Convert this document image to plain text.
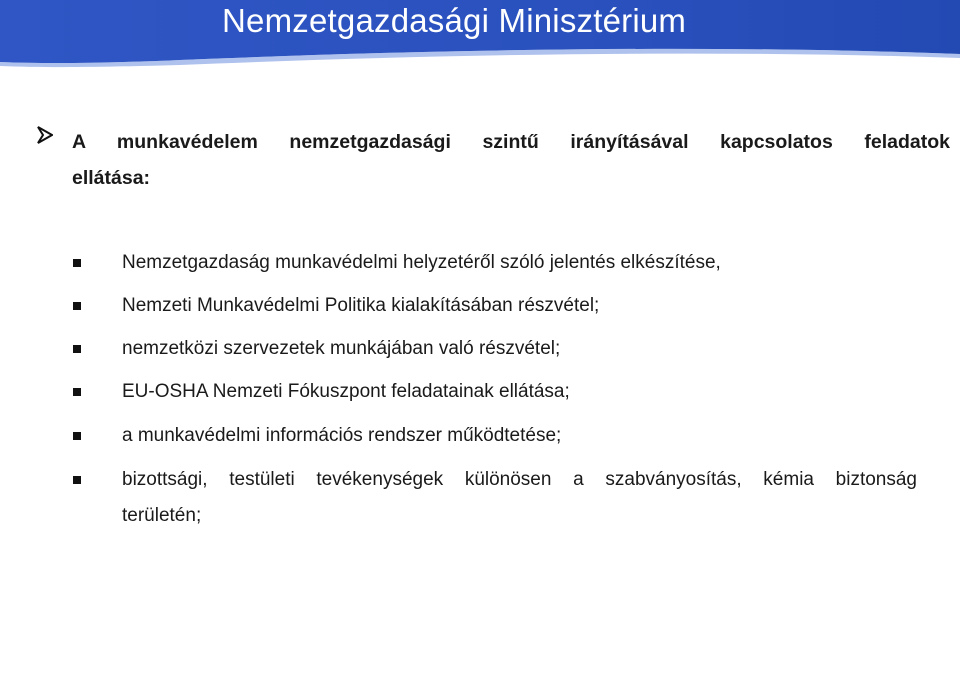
Nemzetgazdasági Minisztérium
A munkavédelem nemzetgazdasági szintű irányításával kapcsolatos feladatok
ellátása:
Nemzetgazdaság munkavédelmi helyzetéről szóló jelentés elkészítése,
Nemzeti Munkavédelmi Politika kialakításában részvétel;
nemzetközi szervezetek munkájában való részvétel;
EU-OSHA Nemzeti Fókuszpont feladatainak ellátása;
a munkavédelmi információs rendszer működtetése;
bizottsági, testületi tevékenységek különösen a szabványosítás, kémia biztonság
területén;
